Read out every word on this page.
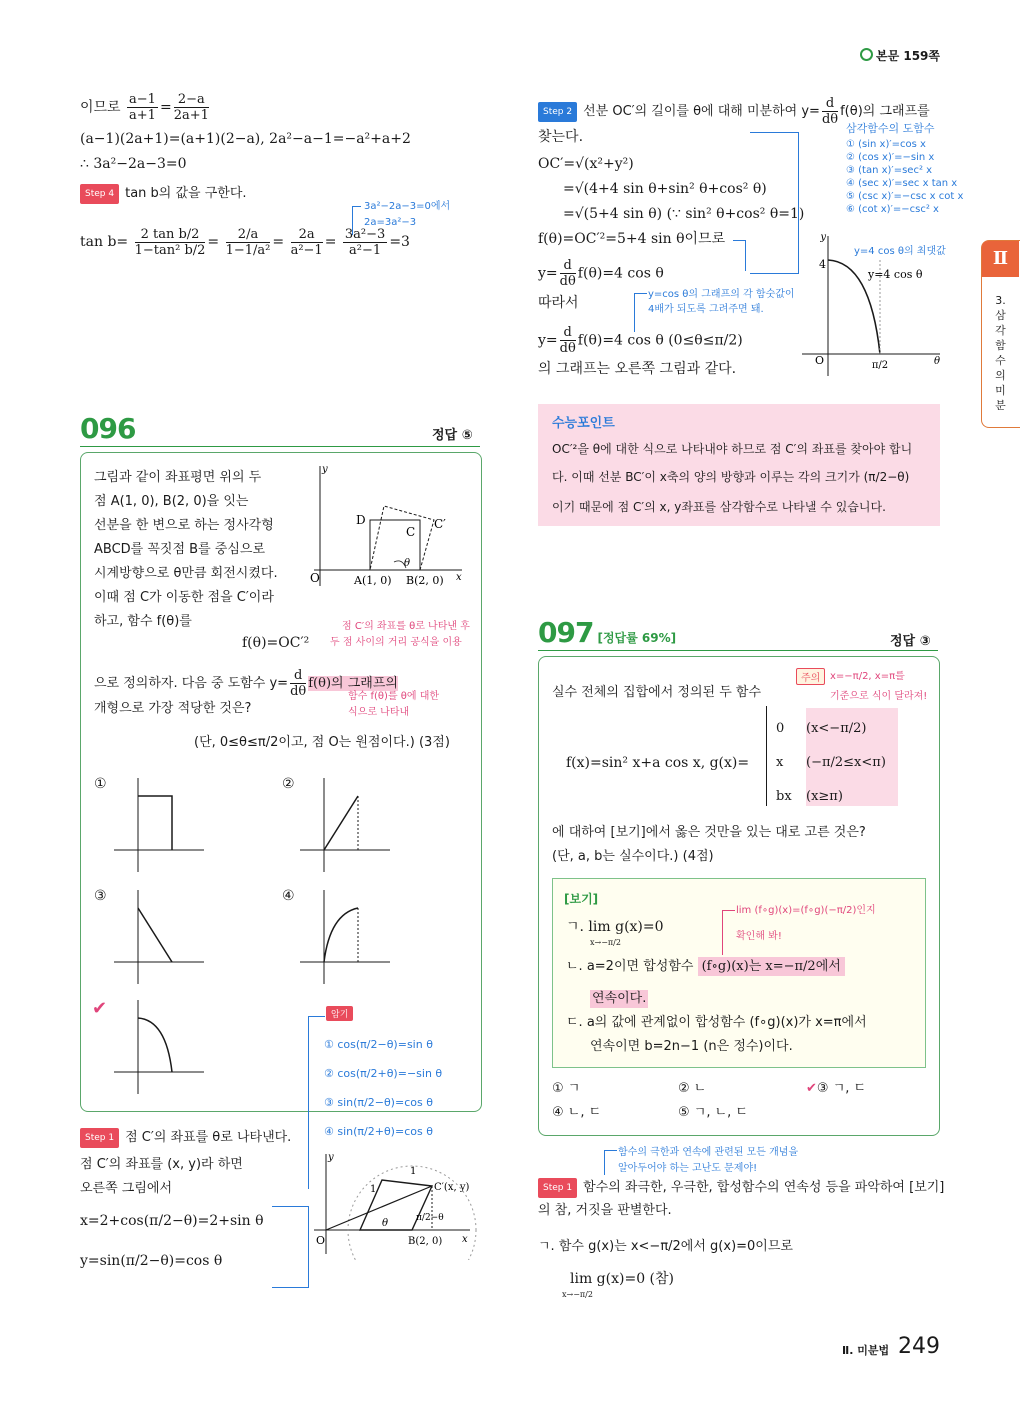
본문 159쪽
Ⅱ
3.
삼
각
함
수
의
미
분
이므로 $\frac{a-1}{a+1} = \frac{2-a}{2a+1}$
(a−1)(2a+1)=(a+1)(2−a), 2a²−a−1=−a²+a+2
∴ 3a²−2a−3=0
Step 4 tan b의 값을 구한다.
3a²−2a−3=0에서
2a=3a²−3
$\tan b= \frac{\text{2 tan b/2}}{\text{1−tan² b/2}} = \frac{2/a}{\text{1−1/a²}} = \frac{2a}{\text{a²−1}} = \frac{\text{3a²−3}}{\text{a²−1}} =3$
Step 2 선분 OC′의 길이를 θ에 대해 미분하여 $y= \frac{d}{d\theta} f(\theta)$의 그래프를
찾는다.
OC′=√(x²+y²)
=√(4+4 sin θ+sin² θ+cos² θ)
=√(5+4 sin θ) (∵ sin² θ+cos² θ=1)
f(θ)=OC′²=5+4 sin θ이므로
$y= \frac{d}{d\theta} f(\theta)=4$ cos θ
따라서
$y= \frac{d}{d\theta} f(\theta)=4$ cos θ (0≤θ≤π/2)
의 그래프는 오른쪽 그림과 같다.
삼각함수의 도함수
① (sin x)′=cos x
② (cos x)′=−sin x
③ (tan x)′=sec² x
④ (sec x)′=sec x tan x
⑤ (csc x)′=−csc x cot x
⑥ (cot x)′=−csc² x
y=4 cos θ의 최댓값
y=cos θ의 그래프의 각 함숫값이
4배가 되도록 그려주면 돼.
y
4
y=4 cos θ
O	π/2	θ
수능포인트
OC′²을 θ에 대한 식으로 나타내야 하므로 점 C′의 좌표를 찾아야 합니
다. 이때 선분 BC′이 x축의 양의 방향과 이루는 각의 크기가 (π/2−θ)
이기 때문에 점 C′의 x, y좌표를 삼각함수로 나타낼 수 있습니다.
096	정답 ⑤
그림과 같이 좌표평면 위의 두
점 A(1, 0), B(2, 0)을 잇는
선분을 한 변으로 하는 정사각형
ABCD를 꼭짓점 B를 중심으로
시계방향으로 θ만큼 회전시켰다.
이때 점 C가 이동한 점을 C′이라
하고, 함수 f(θ)를
y
D
C
C′
θ
O	A(1, 0) B(2, 0) x
f(θ)=OC′²
점 C′의 좌표를 θ로 나타낸 후
두 점 사이의 거리 공식을 이용
으로 정의하자. 다음 중 도함수 $y= \frac{d}{d\theta} f(\theta)$의 그래프의
함수 f(θ)를 θ에 대한
식으로 나타내
개형으로 가장 적당한 것은?
(단, 0≤θ≤π/2이고, 점 O는 원점이다.) (3점)
①	②
③	④
✔	암기
① cos(π/2−θ)=sin θ
② cos(π/2+θ)=−sin θ
③ sin(π/2−θ)=cos θ
④ sin(π/2+θ)=cos θ
Step 1 점 C′의 좌표를 θ로 나타낸다.
점 C′의 좌표를 (x, y)라 하면
오른쪽 그림에서
x=2+cos(π/2−θ)=2+sin θ
y=sin(π/2−θ)=cos θ
y
1
1	C′(x, y)
π/2−θ
θ
O	B(2, 0) x
097 [정답률 69%]	정답 ③
주의 x=−π/2, x=π를
기준으로 식이 달라져!
실수 전체의 집합에서 정의된 두 함수
f(x)=sin² x+a cos x, g(x)=
0 (x<−π/2)
x (−π/2≤x<π)
bx (x≥π)
에 대하여 [보기]에서 옳은 것만을 있는 대로 고른 것은?
(단, a, b는 실수이다.) (4점)
[보기]
ㄱ. lim g(x)=0
x→−π/2
lim (f∘g)(x)=(f∘g)(−π/2)인지
확인해 봐!
ㄴ. a=2이면 합성함수 (f∘g)(x)는 x=−π/2에서
연속이다.
ㄷ. a의 값에 관계없이 합성함수 (f∘g)(x)가 x=π에서
연속이면 b=2n−1 (n은 정수)이다.
① ㄱ	② ㄴ	✔③ ㄱ, ㄷ
④ ㄴ, ㄷ	⑤ ㄱ, ㄴ, ㄷ
함수의 극한과 연속에 관련된 모든 개념을
알아두어야 하는 고난도 문제야!
Step 1 함수의 좌극한, 우극한, 합성함수의 연속성 등을 파악하여 [보기]
의 참, 거짓을 판별한다.
ㄱ. 함수 g(x)는 x<−π/2에서 g(x)=0이므로
lim g(x)=0 (참)
x→−π/2
Ⅱ. 미분법 249
